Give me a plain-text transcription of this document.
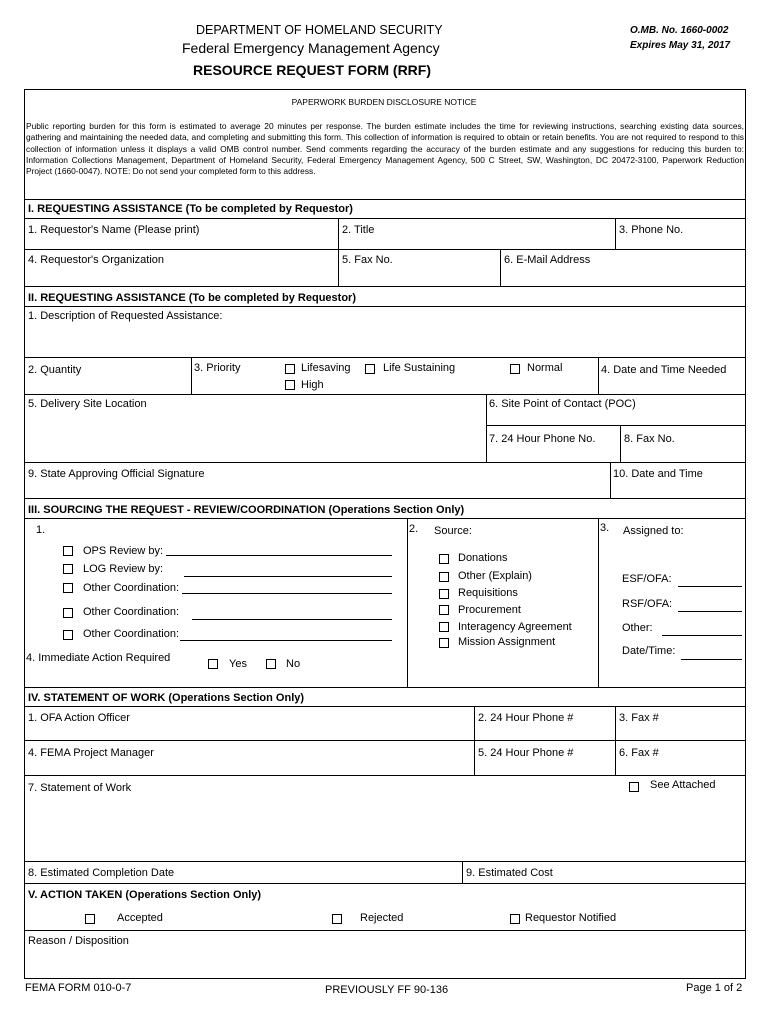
DEPARTMENT OF HOMELAND SECURITY
Federal Emergency Management Agency
RESOURCE REQUEST FORM (RRF)
O.MB. No. 1660-0002
Expires May 31, 2017
PAPERWORK BURDEN DISCLOSURE NOTICE
Public reporting burden for this form is estimated to average 20 minutes per response. The burden estimate includes the time for reviewing instructions, searching existing data sources, gathering and maintaining the needed data, and completing and submitting this form. This collection of information is required to obtain or retain benefits. You are not required to respond to this collection of information unless it displays a valid OMB control number. Send comments regarding the accuracy of the burden estimate and any suggestions for reducing this burden to: Information Collections Management, Department of Homeland Security, Federal Emergency Management Agency, 500 C Street, SW, Washington, DC 20472-3100, Paperwork Reduction Project (1660-0047). NOTE: Do not send your completed form to this address.
I. REQUESTING ASSISTANCE (To be completed by Requestor)
1. Requestor's Name (Please print)	2. Title	3. Phone No.
4. Requestor's Organization	5. Fax No.	6. E-Mail Address
II. REQUESTING ASSISTANCE (To be completed by Requestor)
1. Description of Requested Assistance:
2. Quantity	3. Priority	Lifesaving	Life Sustaining	Normal
High
4. Date and Time Needed
5. Delivery Site Location	6. Site Point of Contact (POC)
7. 24 Hour Phone No.	8. Fax No.
9. State Approving Official Signature	10. Date and Time
III. SOURCING THE REQUEST - REVIEW/COORDINATION (Operations Section Only)
1.
OPS Review by:
LOG Review by:
Other Coordination:
Other Coordination:
Other Coordination:
4. Immediate Action Required	Yes	No
2. Source:
Donations
Other (Explain)
Requisitions
Procurement
Interagency Agreement
Mission Assignment
3. Assigned to:
ESF/OFA:
RSF/OFA:
Other:
Date/Time:
IV. STATEMENT OF WORK (Operations Section Only)
1. OFA Action Officer	2. 24 Hour Phone #	3. Fax #
4. FEMA Project Manager	5. 24 Hour Phone #	6. Fax #
7. Statement of Work	See Attached
8. Estimated Completion Date	9. Estimated Cost
V. ACTION TAKEN (Operations Section Only)
Accepted	Rejected	Requestor Notified
Reason / Disposition
FEMA FORM 010-0-7	PREVIOUSLY FF 90-136	Page 1 of 2
